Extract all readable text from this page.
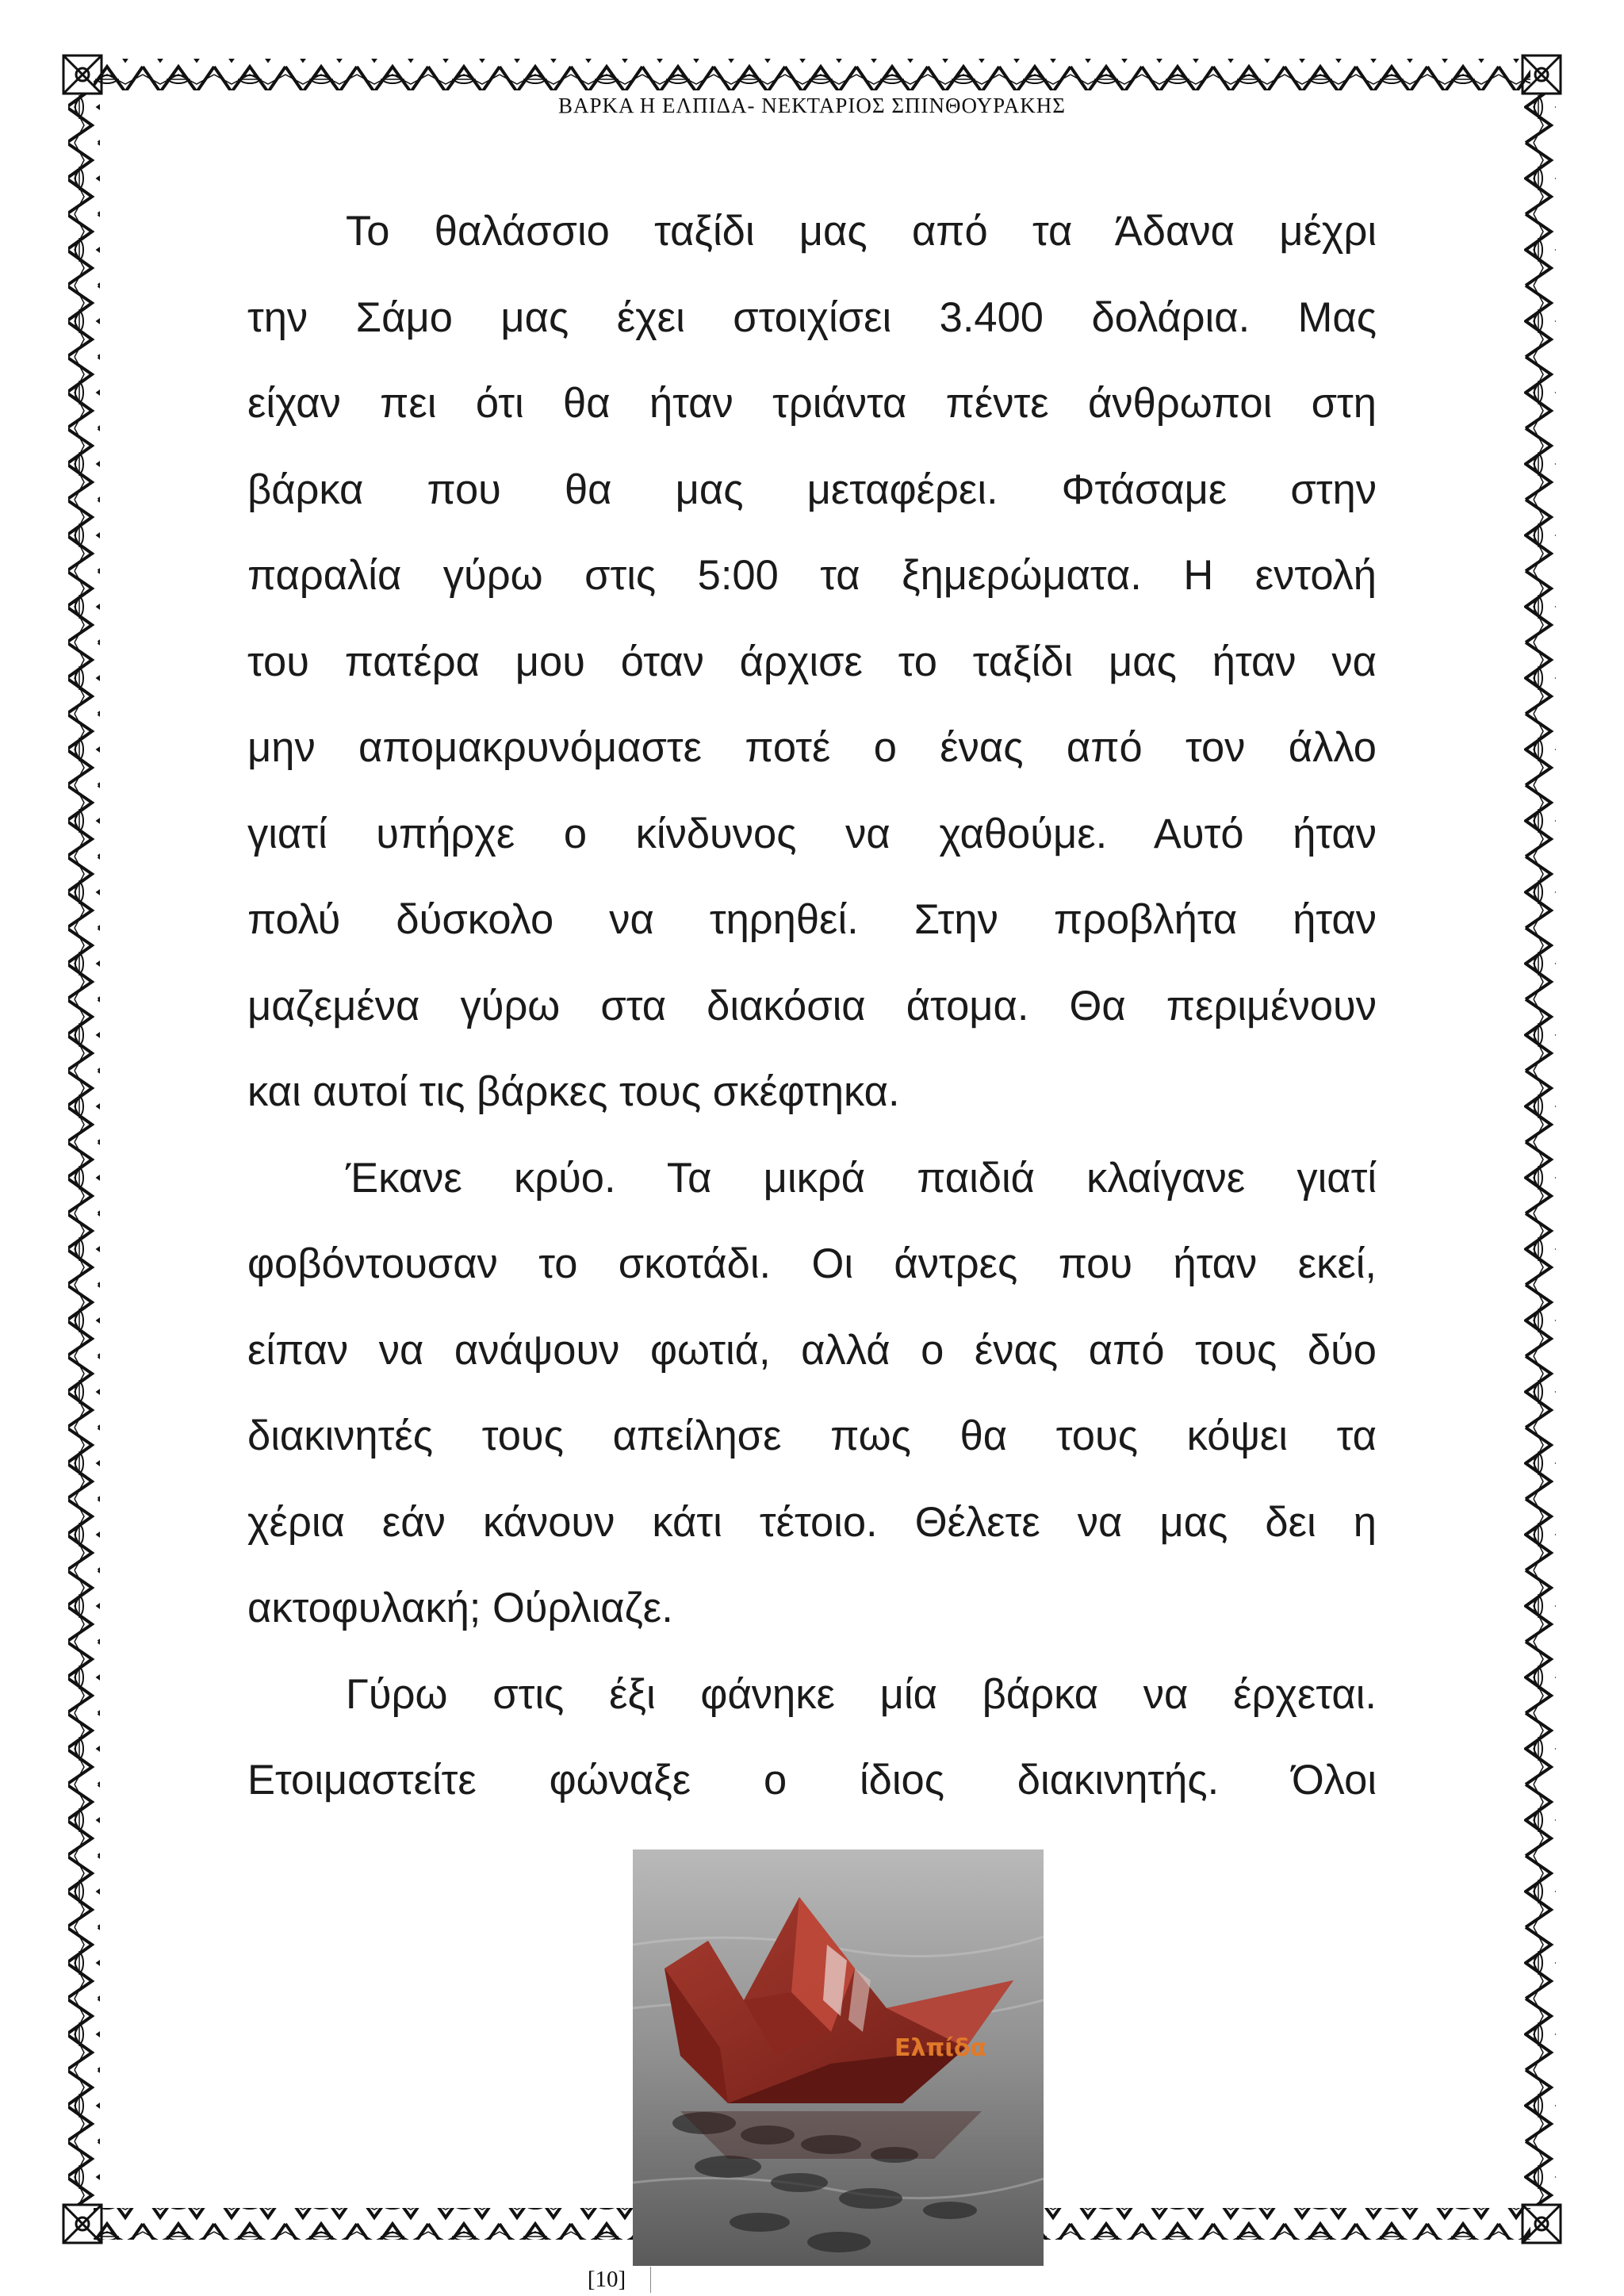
ΒΑΡΚΑ Η ΕΛΠΙΔΑ- ΝΕΚΤΑΡΙΟΣ ΣΠΙΝΘΟΥΡΑΚΗΣ

Το θαλάσσιο ταξίδι μας από τα Άδανα μέχρι
την Σάμο μας έχει στοιχίσει 3.400 δολάρια. Μας
είχαν πει ότι θα ήταν τριάντα πέντε άνθρωποι στη
βάρκα που θα μας μεταφέρει. Φτάσαμε στην
παραλία γύρω στις 5:00 τα ξημερώματα. Η εντολή
του πατέρα μου όταν άρχισε το ταξίδι μας ήταν να
μην απομακρυνόμαστε ποτέ ο ένας από τον άλλο
γιατί υπήρχε ο κίνδυνος να χαθούμε. Αυτό ήταν
πολύ δύσκολο να τηρηθεί. Στην προβλήτα ήταν
μαζεμένα γύρω στα διακόσια άτομα. Θα περιμένουν
και αυτοί τις βάρκες τους σκέφτηκα.

Έκανε κρύο. Τα μικρά παιδιά κλαίγανε γιατί
φοβόντουσαν το σκοτάδι. Οι άντρες που ήταν εκεί,
είπαν να ανάψουν φωτιά, αλλά ο ένας από τους δύο
διακινητές τους απείλησε πως θα τους κόψει τα
χέρια εάν κάνουν κάτι τέτοιο. Θέλετε να μας δει η
ακτοφυλακή; Ούρλιαζε.

Γύρω στις έξι φάνηκε μία βάρκα να έρχεται.
Ετοιμαστείτε φώναξε ο ίδιος διακινητής. Όλοι

Ελπίδα
[10]
